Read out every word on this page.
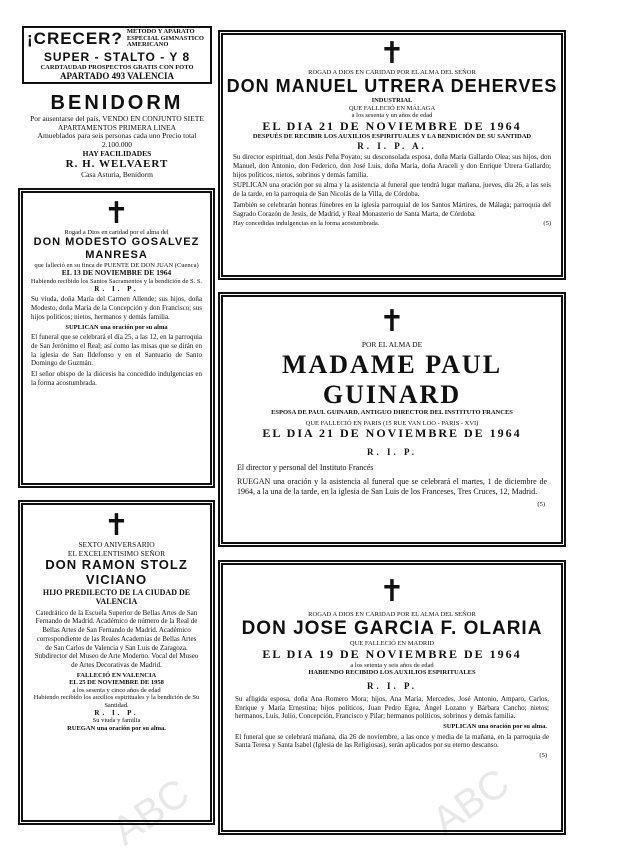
ABC
ABC
¡CRECER? METODO Y APARATO ESPECIAL GIMNASTICO AMERICANO
SUPER - STALTO - Y 8
CARDTAUDAD PROSPECTOS GRATIS CON FOTO
APARTADO 493 VALENCIA
BENIDORM
Por ausentarse del país, VENDO EN CONJUNTO SIETE APARTAMENTOS PRIMERA LINEA
Amueblados para seis personas cada uno Precio total 2.100.000
HAY FACILIDADES
R. H. WELVAERT
Casa Asturia, Benidorm
✝
Rogad a Dios en caridad por el alma del
DON MODESTO GOSALVEZ
MANRESA
que falleció en su finca de PUENTE DE DON JUAN (Cuenca)
EL 13 DE NOVIEMBRE DE 1964
Habiendo recibido los Santos Sacramentos y la bendición de S. S.
R. I. P.

Su viuda, doña María del Carmen Allende; sus hijos, doña Modesto, doña María de la Concepción y don Francisco; sus hijos políticos; nietos, hermanos y demás familia.

SUPLICAN una oración por su alma

El funeral que se celebrará el día 25, a las 12, en la parroquia de San Jerónimo el Real; así como las misas que se dirán en la iglesia de San Ildefonso y en el Santuario de Santo Domingo de Guzmán.

El señor obispo de la diócesis ha concedido indulgencias en la forma acostumbrada.

✝
SEXTO ANIVERSARIO
EL EXCELENTISIMO SEÑOR
DON RAMON STOLZ
VICIANO
HIJO PREDILECTO DE LA CIUDAD DE VALENCIA

Catedrático de la Escuela Superior de Bellas Artes de San Fernando de Madrid. Académico de número de la Real de Bellas Artes de San Fernando de Madrid. Académico correspondiente de las Reales Academias de Bellas Artes de San Carlos de Valencia y San Luis de Zaragoza. Subdirector del Museo de Arte Moderno. Vocal del Museo de Artes Decorativas de Madrid.

FALLECIÓ EN VALENCIA
EL 25 DE NOVIEMBRE DE 1958
a los sesenta y cinco años de edad
Habiendo recibido los auxilios espirituales y la bendición de Su Santidad.
R. I. P.
Su viuda y familia
RUEGAN una oración por su alma.
✝
ROGAD A DIOS EN CARIDAD POR EL ALMA DEL SEÑOR
DON MANUEL UTRERA DEHERVES
INDUSTRIAL
QUE FALLECIÓ EN MÁLAGA
a los sesenta y un años de edad
EL DIA 21 DE NOVIEMBRE DE 1964
DESPUÉS DE RECIBIR LOS AUXILIOS ESPIRITUALES Y LA BENDICIÓN DE SU SANTIDAD
R. I. P. A.

Su director espiritual, don Jesús Peña Poyato; su desconsolada esposa, doña María Gallardo Olea; sus hijos, don Manuel, don Antonio, don Federico, don José Luis, doña María, doña Araceli y don Enrique Utrera Gallardo; hijos políticos, nietos, sobrinos y demás familia.

SUPLICAN una oración por su alma y la asistencia al funeral que tendrá lugar mañana, jueves, día 26, a las seis de la tarde, en la parroquia de San Nicolás de la Villa, de Córdoba.

También se celebrarán honras fúnebres en la iglesia parroquial de los Santos Mártires, de Málaga; parroquia del Sagrado Corazón de Jesús, de Madrid, y Real Monasterio de Santa Marta, de Córdoba.

Hay concedidas indulgencias en la forma acostumbrada.	(5)
✝
POR EL ALMA DE
MADAME PAUL GUINARD
ESPOSA DE PAUL GUINARD, ANTIGUO DIRECTOR DEL INSTITUTO FRANCES
QUE FALLECIÓ EN PARIS (15 RUE VAN LOO - PARIS - XVI)
EL DIA 21 DE NOVIEMBRE DE 1964
R. I. P.
El director y personal del Instituto Francés

RUEGAN una oración y la asistencia al funeral que se celebrará el martes, 1 de diciembre de 1964, a la una de la tarde, en la iglesia de San Luis de los Franceses, Tres Cruces, 12, Madrid.

(5)
✝
ROGAD A DIOS EN CARIDAD POR EL ALMA DEL SEÑOR
DON JOSE GARCIA F. OLARIA
QUE FALLECIÓ EN MADRID
EL DIA 19 DE NOVIEMBRE DE 1964
a los setenta y seis años de edad
HABIENDO RECIBIDO LOS AUXILIOS ESPIRITUALES
R. I. P.

Su afligida esposa, doña Ana Romero Mora; hijos, Ana María, Mercedes, José Antonio, Amparo, Carlos, Enrique y María Ernestina; hijos políticos, Juan Pedro Egea, Ángel Lozano y Bárbara Cancho; nietos; hermanos, Luis, Julio, Concepción, Francisco y Pilar; hermanos políticos, sobrinos y demás familia.

SUPLICAN una oración por su alma.

El funeral que se celebrará mañana, día 26 de noviembre, a las once y media de la mañana, en la parroquia de Santa Teresa y Santa Isabel (Iglesia de las Religiosas), serán aplicados por su eterno descanso.

(5)
